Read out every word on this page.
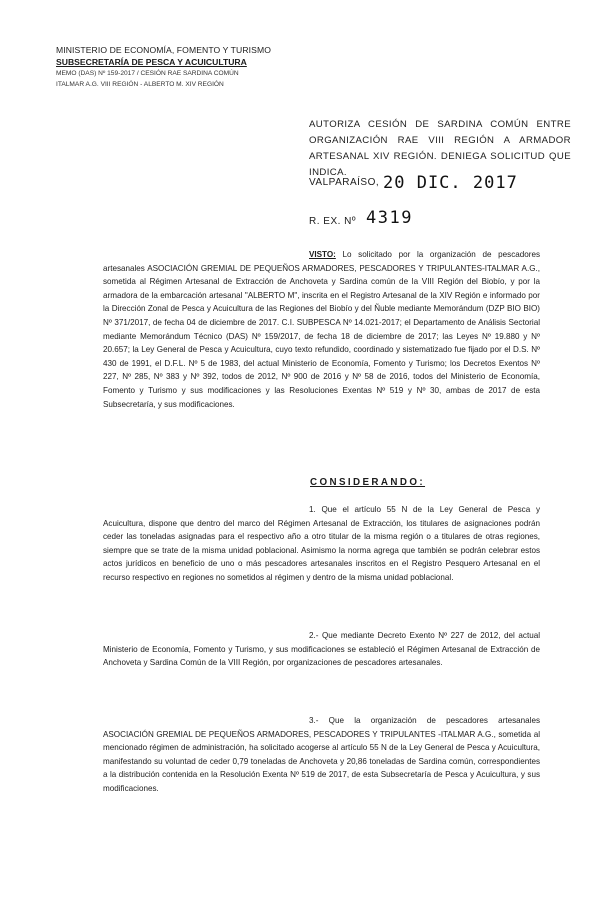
MINISTERIO DE ECONOMÍA, FOMENTO Y TURISMO
SUBSECRETARÍA DE PESCA Y ACUICULTURA
MEMO (DAS) Nº 159-2017 / CESIÓN RAE SARDINA COMÚN
ITALMAR A.G. VIII REGIÓN - ALBERTO M. XIV REGIÓN
AUTORIZA CESIÓN DE SARDINA COMÚN ENTRE ORGANIZACIÓN RAE VIII REGIÓN A ARMADOR ARTESANAL XIV REGIÓN. DENIEGA SOLICITUD QUE INDICA.
VALPARAÍSO, 20 DIC. 2017
R. EX. Nº 4319
VISTO: Lo solicitado por la organización de pescadores artesanales ASOCIACIÓN GREMIAL DE PEQUEÑOS ARMADORES, PESCADORES Y TRIPULANTES-ITALMAR A.G., sometida al Régimen Artesanal de Extracción de Anchoveta y Sardina común de la VIII Región del Biobío, y por la armadora de la embarcación artesanal "ALBERTO M", inscrita en el Registro Artesanal de la XIV Región e informado por la Dirección Zonal de Pesca y Acuicultura de las Regiones del Biobío y del Ñuble mediante Memorándum (DZP BIO BIO) Nº 371/2017, de fecha 04 de diciembre de 2017. C.I. SUBPESCA Nº 14.021-2017; el Departamento de Análisis Sectorial mediante Memorándum Técnico (DAS) Nº 159/2017, de fecha 18 de diciembre de 2017; las Leyes Nº 19.880 y Nº 20.657; la Ley General de Pesca y Acuicultura, cuyo texto refundido, coordinado y sistematizado fue fijado por el D.S. Nº 430 de 1991, el D.F.L. Nº 5 de 1983, del actual Ministerio de Economía, Fomento y Turismo; los Decretos Exentos Nº 227, Nº 285, Nº 383 y Nº 392, todos de 2012, Nº 900 de 2016 y Nº 58 de 2016, todos del Ministerio de Economía, Fomento y Turismo y sus modificaciones y las Resoluciones Exentas Nº 519 y Nº 30, ambas de 2017 de esta Subsecretaría, y sus modificaciones.
CONSIDERANDO:
1. Que el artículo 55 N de la Ley General de Pesca y Acuicultura, dispone que dentro del marco del Régimen Artesanal de Extracción, los titulares de asignaciones podrán ceder las toneladas asignadas para el respectivo año a otro titular de la misma región o a titulares de otras regiones, siempre que se trate de la misma unidad poblacional. Asimismo la norma agrega que también se podrán celebrar estos actos jurídicos en beneficio de uno o más pescadores artesanales inscritos en el Registro Pesquero Artesanal en el recurso respectivo en regiones no sometidos al régimen y dentro de la misma unidad poblacional.
2.- Que mediante Decreto Exento Nº 227 de 2012, del actual Ministerio de Economía, Fomento y Turismo, y sus modificaciones se estableció el Régimen Artesanal de Extracción de Anchoveta y Sardina Común de la VIII Región, por organizaciones de pescadores artesanales.
3.- Que la organización de pescadores artesanales ASOCIACIÓN GREMIAL DE PEQUEÑOS ARMADORES, PESCADORES Y TRIPULANTES -ITALMAR A.G., sometida al mencionado régimen de administración, ha solicitado acogerse al artículo 55 N de la Ley General de Pesca y Acuicultura, manifestando su voluntad de ceder 0,79 toneladas de Anchoveta y 20,86 toneladas de Sardina común, correspondientes a la distribución contenida en la Resolución Exenta Nº 519 de 2017, de esta Subsecretaría de Pesca y Acuicultura, y sus modificaciones.
